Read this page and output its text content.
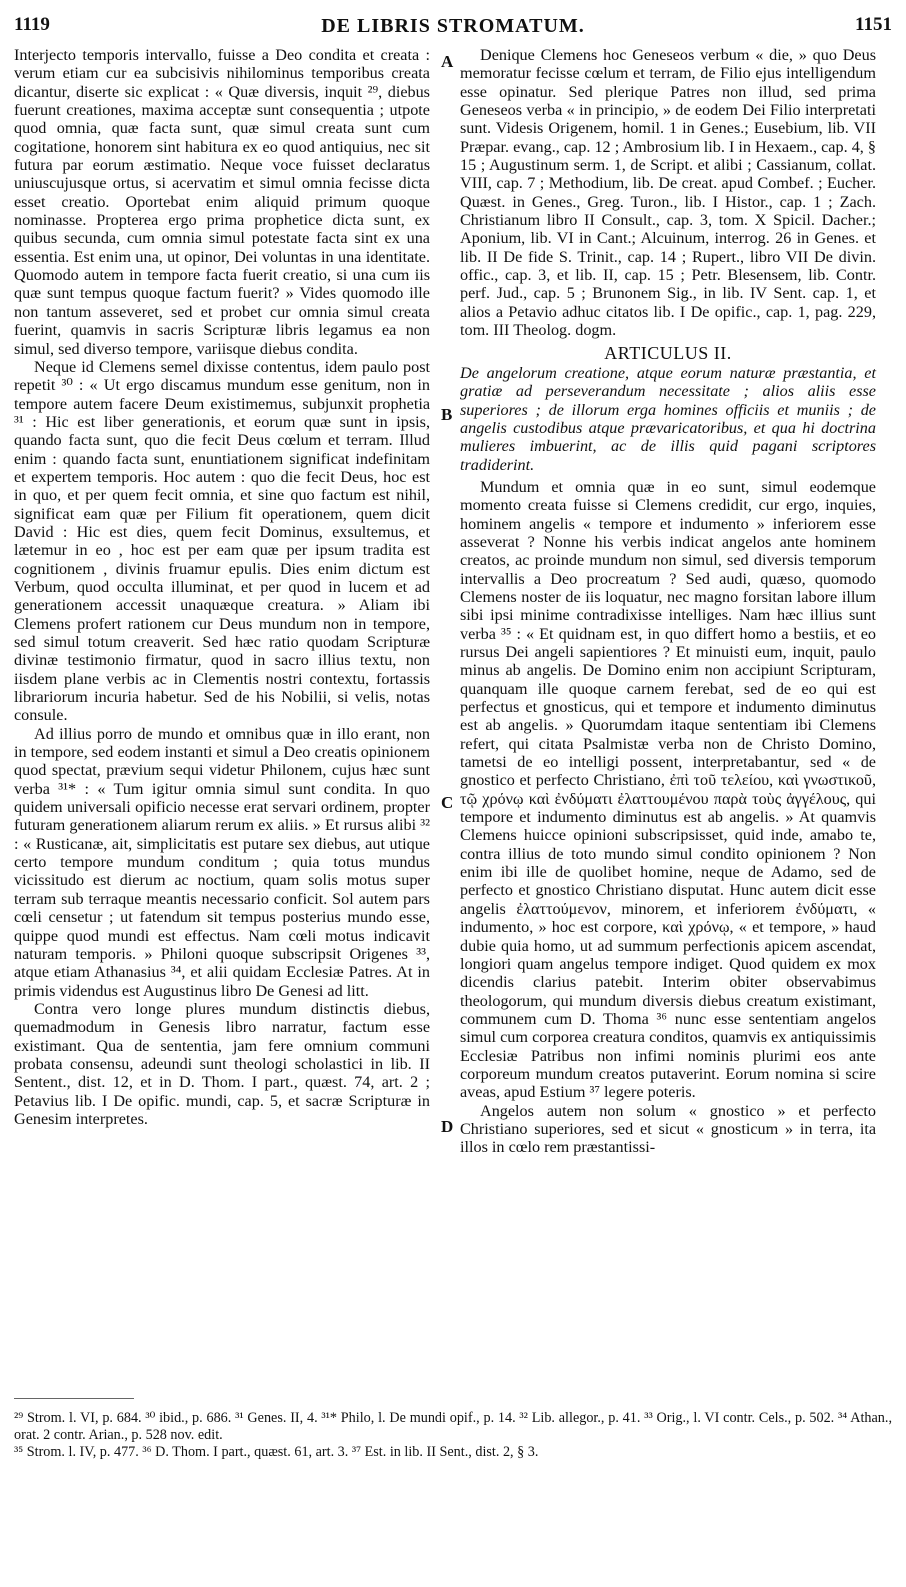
1119	DE LIBRIS STROMATUM.	1151
A
B
C
D

Interjecto temporis intervallo, fuisse a Deo condita et creata : verum etiam cur ea subcisivis nihilominus temporibus creata dicantur, diserte sic explicat : « Quæ diversis, inquit ²⁹, diebus fuerunt creationes, maxima acceptæ sunt consequentia ; utpote quod omnia, quæ facta sunt, quæ simul creata sunt cum cogitatione, honorem sint habitura ex eo quod antiquius, nec sit futura par eorum æstimatio. Neque voce fuisset declaratus uniuscujusque ortus, si acervatim et simul omnia fecisse dicta esset creatio. Oportebat enim aliquid primum quoque nominasse. Propterea ergo prima prophetice dicta sunt, ex quibus secunda, cum omnia simul potestate facta sint ex una essentia. Est enim una, ut opinor, Dei voluntas in una identitate. Quomodo autem in tempore facta fuerit creatio, si una cum iis quæ sunt tempus quoque factum fuerit? » Vides quomodo ille non tantum asseveret, sed et probet cur omnia simul creata fuerint, quamvis in sacris Scripturæ libris legamus ea non simul, sed diverso tempore, variisque diebus condita.

Neque id Clemens semel dixisse contentus, idem paulo post repetit ³⁰ : « Ut ergo discamus mundum esse genitum, non in tempore autem facere Deum existimemus, subjunxit prophetia ³¹ : Hic est liber generationis, et eorum quæ sunt in ipsis, quando facta sunt, quo die fecit Deus cœlum et terram. Illud enim : quando facta sunt, enuntiationem significat indefinitam et expertem temporis. Hoc autem : quo die fecit Deus, hoc est in quo, et per quem fecit omnia, et sine quo factum est nihil, significat eam quæ per Filium fit operationem, quem dicit David : Hic est dies, quem fecit Dominus, exsultemus, et lætemur in eo , hoc est per eam quæ per ipsum tradita est cognitionem , divinis fruamur epulis. Dies enim dictum est Verbum, quod occulta illuminat, et per quod in lucem et ad generationem accessit unaquæque creatura. » Aliam ibi Clemens profert rationem cur Deus mundum non in tempore, sed simul totum creaverit. Sed hæc ratio quodam Scripturæ divinæ testimonio firmatur, quod in sacro illius textu, non iisdem plane verbis ac in Clementis nostri contextu, fortassis librariorum incuria habetur. Sed de his Nobilii, si velis, notas consule.

Ad illius porro de mundo et omnibus quæ in illo erant, non in tempore, sed eodem instanti et simul a Deo creatis opinionem quod spectat, prævium sequi videtur Philonem, cujus hæc sunt verba ³¹* : « Tum igitur omnia simul sunt condita. In quo quidem universali opificio necesse erat servari ordinem, propter futuram generationem aliarum rerum ex aliis. » Et rursus alibi ³² : « Rusticanæ, ait, simplicitatis est putare sex diebus, aut utique certo tempore mundum conditum ; quia totus mundus vicissitudo est dierum ac noctium, quam solis motus super terram sub terraque meantis necessario conficit. Sol autem pars cœli censetur ; ut fatendum sit tempus posterius mundo esse, quippe quod mundi est effectus. Nam cœli motus indicavit naturam temporis. » Philoni quoque subscripsit Origenes ³³, atque etiam Athanasius ³⁴, et alii quidam Ecclesiæ Patres. At in primis videndus est Augustinus libro De Genesi ad litt.

Contra vero longe plures mundum distinctis diebus, quemadmodum in Genesis libro narratur, factum esse existimant. Qua de sententia, jam fere omnium communi probata consensu, adeundi sunt theologi scholastici in lib. II Sentent., dist. 12, et in D. Thom. I part., quæst. 74, art. 2 ; Petavius lib. I De opific. mundi, cap. 5, et sacræ Scripturæ in Genesim interpretes.

Denique Clemens hoc Geneseos verbum « die, » quo Deus memoratur fecisse cœlum et terram, de Filio ejus intelligendum esse opinatur. Sed plerique Patres non illud, sed prima Geneseos verba « in principio, » de eodem Dei Filio interpretati sunt. Videsis Origenem, homil. 1 in Genes.; Eusebium, lib. VII Præpar. evang., cap. 12 ; Ambrosium lib. I in Hexaem., cap. 4, § 15 ; Augustinum serm. 1, de Script. et alibi ; Cassianum, collat. VIII, cap. 7 ; Methodium, lib. De creat. apud Combef. ; Eucher. Quæst. in Genes., Greg. Turon., lib. I Histor., cap. 1 ; Zach. Christianum libro II Consult., cap. 3, tom. X Spicil. Dacher.; Aponium, lib. VI in Cant.; Alcuinum, interrog. 26 in Genes. et lib. II De fide S. Trinit., cap. 14 ; Rupert., libro VII De divin. offic., cap. 3, et lib. II, cap. 15 ; Petr. Blesensem, lib. Contr. perf. Jud., cap. 5 ; Brunonem Sig., in lib. IV Sent. cap. 1, et alios a Petavio adhuc citatos lib. I De opific., cap. 1, pag. 229, tom. III Theolog. dogm.

ARTICULUS II.

De angelorum creatione, atque eorum naturæ præstantia, et gratiæ ad perseverandum necessitate ; alios aliis esse superiores ; de illorum erga homines officiis et muniis ; de angelis custodibus atque prævaricatoribus, et qua hi doctrina mulieres imbuerint, ac de illis quid pagani scriptores tradiderint.

Mundum et omnia quæ in eo sunt, simul eodemque momento creata fuisse si Clemens credidit, cur ergo, inquies, hominem angelis « tempore et indumento » inferiorem esse asseverat ? Nonne his verbis indicat angelos ante hominem creatos, ac proinde mundum non simul, sed diversis temporum intervallis a Deo procreatum ? Sed audi, quæso, quomodo Clemens noster de iis loquatur, nec magno forsitan labore illum sibi ipsi minime contradixisse intelliges. Nam hæc illius sunt verba ³⁵ : « Et quidnam est, in quo differt homo a bestiis, et eo rursus Dei angeli sapientiores ? Et minuisti eum, inquit, paulo minus ab angelis. De Domino enim non accipiunt Scripturam, quanquam ille quoque carnem ferebat, sed de eo qui est perfectus et gnosticus, qui et tempore et indumento diminutus est ab angelis. » Quorumdam itaque sententiam ibi Clemens refert, qui citata Psalmistæ verba non de Christo Domino, tametsi de eo intelligi possent, interpretabantur, sed « de gnostico et perfecto Christiano, ἐπὶ τοῦ τελείου, καὶ γνωστικοῦ, τῷ χρόνῳ καὶ ἐνδύματι ἐλαττουμένου παρὰ τοὺς ἀγγέλους, qui tempore et indumento diminutus est ab angelis. » At quamvis Clemens huicce opinioni subscripsisset, quid inde, amabo te, contra illius de toto mundo simul condito opinionem ? Non enim ibi ille de quolibet homine, neque de Adamo, sed de perfecto et gnostico Christiano disputat. Hunc autem dicit esse angelis ἐλαττούμενον, minorem, et inferiorem ἐνδύματι, « indumento, » hoc est corpore, καὶ χρόνῳ, « et tempore, » haud dubie quia homo, ut ad summum perfectionis apicem ascendat, longiori quam angelus tempore indiget. Quod quidem ex mox dicendis clarius patebit. Interim obiter observabimus theologorum, qui mundum diversis diebus creatum existimant, communem cum D. Thoma ³⁶ nunc esse sententiam angelos simul cum corporea creatura conditos, quamvis ex antiquissimis Ecclesiæ Patribus non infimi nominis plurimi eos ante corporeum mundum creatos putaverint. Eorum nomina si scire aveas, apud Estium ³⁷ legere poteris.

Angelos autem non solum « gnostico » et perfecto Christiano superiores, sed et sicut « gnosticum » in terra, ita illos in cœlo rem præstantissi-

²⁹ Strom. l. VI, p. 684. ³⁰ ibid., p. 686. ³¹ Genes. II, 4. ³¹* Philo, l. De mundi opif., p. 14. ³² Lib. allegor., p. 41. ³³ Orig., l. VI contr. Cels., p. 502. ³⁴ Athan., orat. 2 contr. Arian., p. 528 nov. edit.

³⁵ Strom. l. IV, p. 477. ³⁶ D. Thom. I part., quæst. 61, art. 3. ³⁷ Est. in lib. II Sent., dist. 2, § 3.
